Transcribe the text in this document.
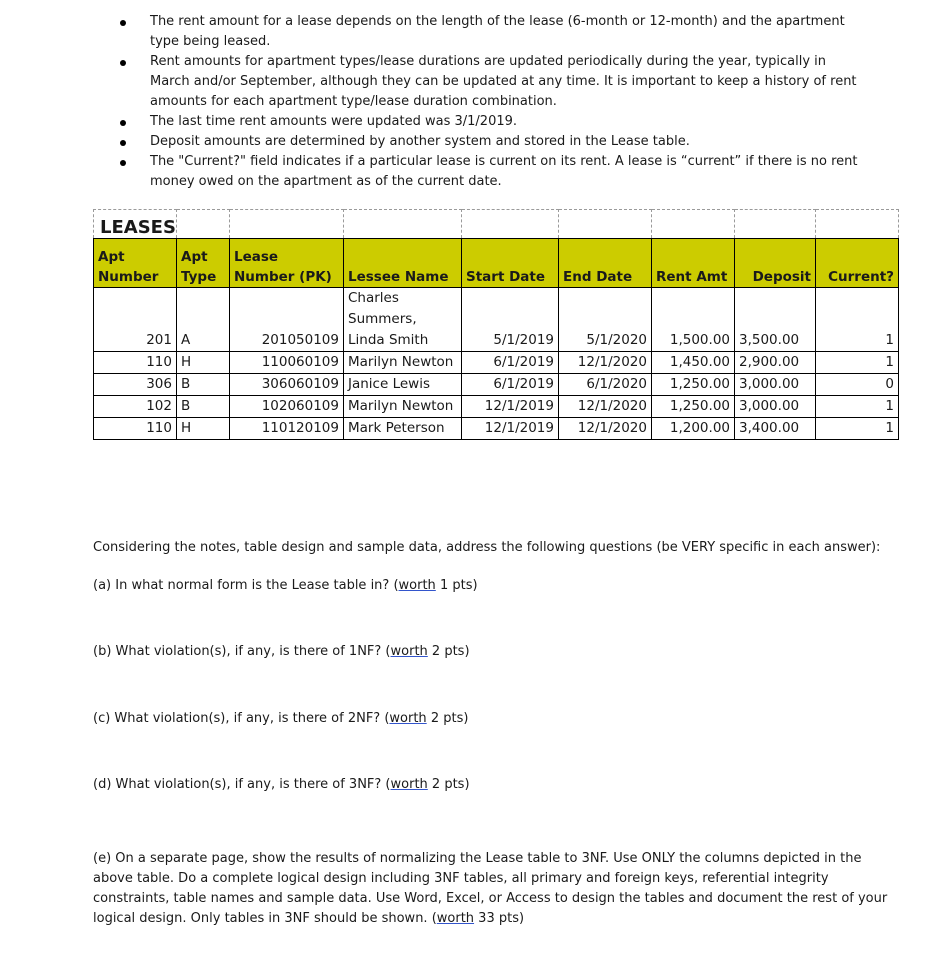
The rent amount for a lease depends on the length of the lease (6-month or 12-month) and the apartment type being leased.
Rent amounts for apartment types/lease durations are updated periodically during the year, typically in March and/or September, although they can be updated at any time. It is important to keep a history of rent amounts for each apartment type/lease duration combination.
The last time rent amounts were updated was 3/1/2019.
Deposit amounts are determined by another system and stored in the Lease table.
The "Current?" field indicates if a particular lease is current on its rent. A lease is “current” if there is no rent money owed on the apartment as of the current date.
LEASES								
Apt Number	Apt Type	Lease Number (PK)	Lessee Name	Start Date	End Date	Rent Amt	Deposit	Current?
201	A	201050109	Charles Summers, Linda Smith	5/1/2019	5/1/2020	1,500.00	3,500.00	1
110	H	110060109	Marilyn Newton	6/1/2019	12/1/2020	1,450.00	2,900.00	1
306	B	306060109	Janice Lewis	6/1/2019	6/1/2020	1,250.00	3,000.00	0
102	B	102060109	Marilyn Newton	12/1/2019	12/1/2020	1,250.00	3,000.00	1
110	H	110120109	Mark Peterson	12/1/2019	12/1/2020	1,200.00	3,400.00	1

Considering the notes, table design and sample data, address the following questions (be VERY specific in each answer):

(a) In what normal form is the Lease table in? (worth 1 pts)

(b) What violation(s), if any, is there of 1NF? (worth 2 pts)

(c) What violation(s), if any, is there of 2NF? (worth 2 pts)

(d) What violation(s), if any, is there of 3NF? (worth 2 pts)

(e) On a separate page, show the results of normalizing the Lease table to 3NF. Use ONLY the columns depicted in the above table. Do a complete logical design including 3NF tables, all primary and foreign keys, referential integrity constraints, table names and sample data. Use Word, Excel, or Access to design the tables and document the rest of your logical design. Only tables in 3NF should be shown. (worth 33 pts)
